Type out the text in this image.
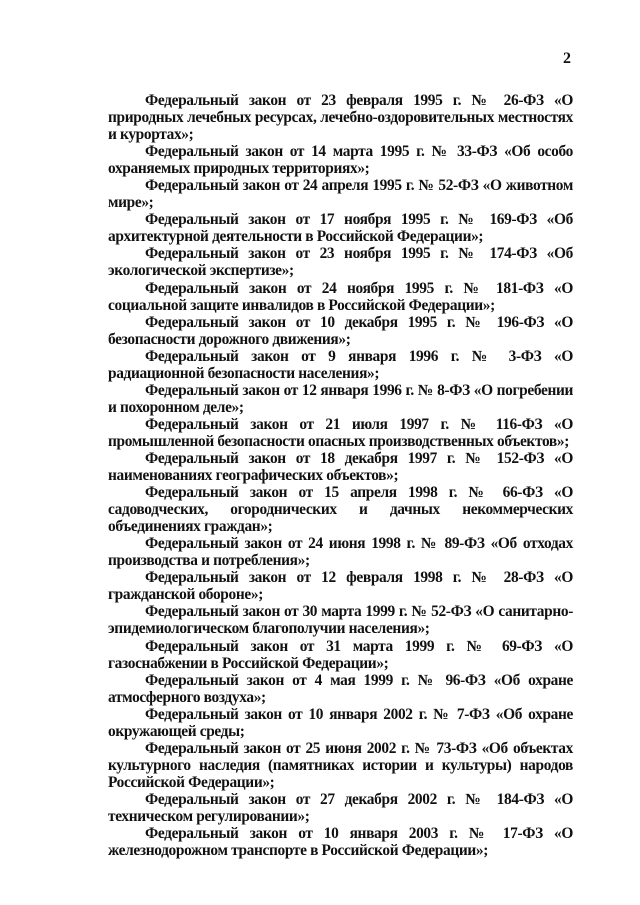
2

Федеральный закон от 23 февраля 1995 г. № 26-ФЗ «О природных лечебных ресурсах, лечебно-оздоровительных местностях и курортах»;

Федеральный закон от 14 марта 1995 г. № 33-ФЗ «Об особо охраняемых природных территориях»;

Федеральный закон от 24 апреля 1995 г. № 52-ФЗ «О животном мире»;

Федеральный закон от 17 ноября 1995 г. № 169-ФЗ «Об архитектурной деятельности в Российской Федерации»;

Федеральный закон от 23 ноября 1995 г. № 174-ФЗ «Об экологической экспертизе»;

Федеральный закон от 24 ноября 1995 г. № 181-ФЗ «О социальной защите инвалидов в Российской Федерации»;

Федеральный закон от 10 декабря 1995 г. № 196-ФЗ «О безопасности дорожного движения»;

Федеральный закон от 9 января 1996 г. № 3-ФЗ «О радиационной безопасности населения»;

Федеральный закон от 12 января 1996 г. № 8-ФЗ «О погребении и похоронном деле»;

Федеральный закон от 21 июля 1997 г. № 116-ФЗ «О промышленной безопасности опасных производственных объектов»;

Федеральный закон от 18 декабря 1997 г. № 152-ФЗ «О наименованиях географических объектов»;

Федеральный закон от 15 апреля 1998 г. № 66-ФЗ «О садоводческих, огороднических и дачных некоммерческих объединениях граждан»;

Федеральный закон от 24 июня 1998 г. № 89-ФЗ «Об отходах производства и потребления»;

Федеральный закон от 12 февраля 1998 г. № 28-ФЗ «О гражданской обороне»;

Федеральный закон от 30 марта 1999 г. № 52-ФЗ «О санитарно-эпидемиологическом благополучии населения»;

Федеральный закон от 31 марта 1999 г. № 69-ФЗ «О газоснабжении в Российской Федерации»;

Федеральный закон от 4 мая 1999 г. № 96-ФЗ «Об охране атмосферного воздуха»;

Федеральный закон от 10 января 2002 г. № 7-ФЗ «Об охране окружающей среды;

Федеральный закон от 25 июня 2002 г. № 73-ФЗ «Об объектах культурного наследия (памятниках истории и культуры) народов Российской Федерации»;

Федеральный закон от 27 декабря 2002 г. № 184-ФЗ «О техническом регулировании»;

Федеральный закон от 10 января 2003 г. № 17-ФЗ «О железнодорожном транспорте в Российской Федерации»;
